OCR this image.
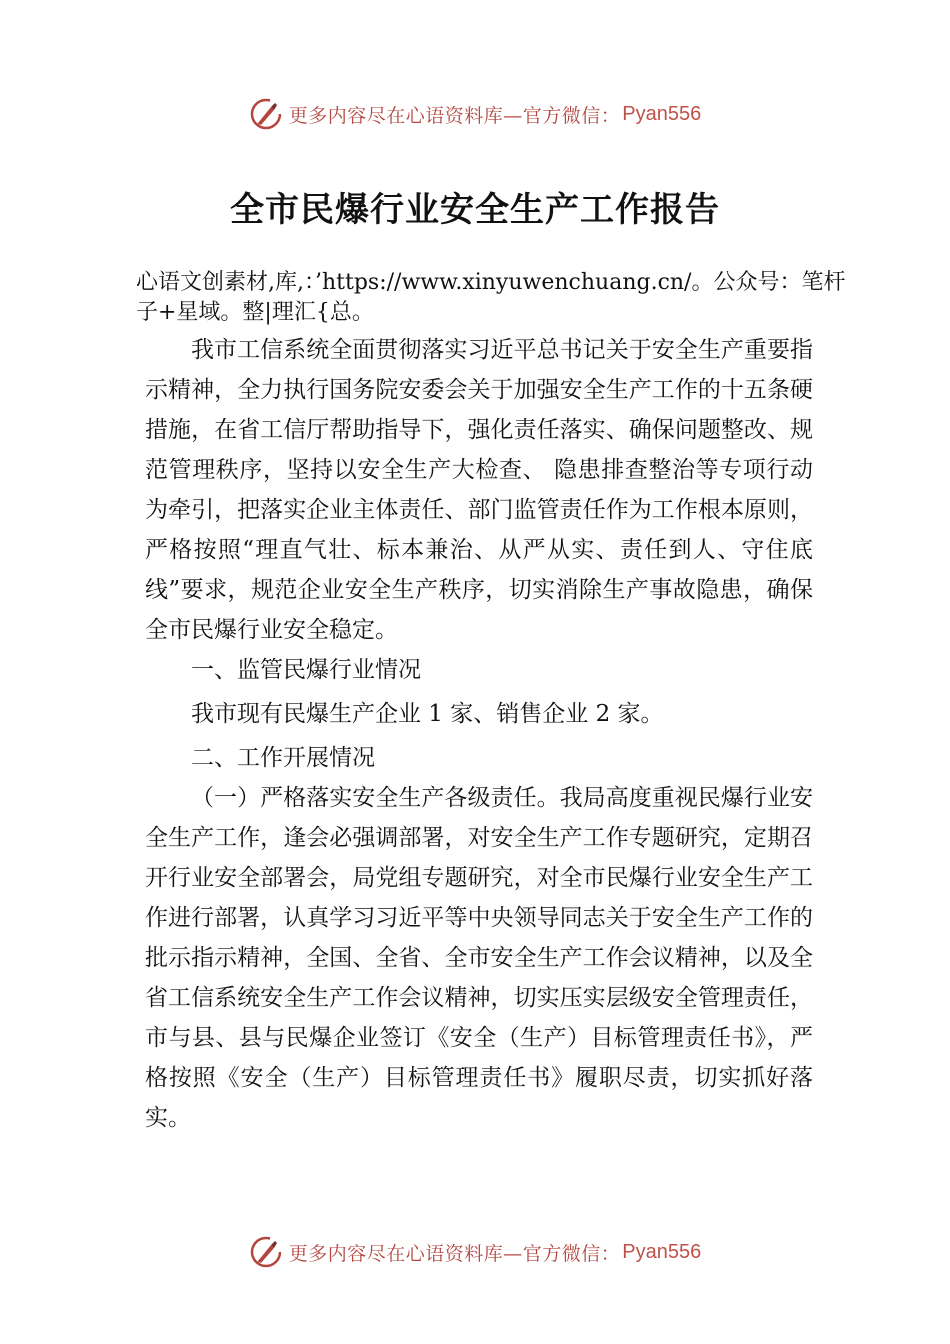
更多内容尽在心语资料库—官方微信： Pyan556
全市民爆行业安全生产工作报告
心语文创素材,库,：’https://www.xinyuwenchuang.cn/。公众号：笔杆子+星域。整|理汇{总。

我市工信系统全面贯彻落实习近平总书记关于安全生产重要指示精神，全力执行国务院安委会关于加强安全生产工作的十五条硬措施，在省工信厅帮助指导下，强化责任落实、确保问题整改、规范管理秩序，坚持以安全生产大检查、 隐患排查整治等专项行动为牵引，把落实企业主体责任、部门监管责任作为工作根本原则，严格按照“理直气壮、标本兼治、从严从实、责任到人、守住底线”要求，规范企业安全生产秩序，切实消除生产事故隐患，确保全市民爆行业安全稳定。

一、监管民爆行业情况

我市现有民爆生产企业 1 家、销售企业 2 家。

二、工作开展情况

（一）严格落实安全生产各级责任。我局高度重视民爆行业安全生产工作，逢会必强调部署，对安全生产工作专题研究，定期召开行业安全部署会，局党组专题研究，对全市民爆行业安全生产工作进行部署，认真学习习近平等中央领导同志关于安全生产工作的批示指示精神，全国、全省、全市安全生产工作会议精神，以及全省工信系统安全生产工作会议精神，切实压实层级安全管理责任，市与县、县与民爆企业签订《安全（生产）目标管理责任书》，严格按照《安全（生产）目标管理责任书》履职尽责，切实抓好落实。

更多内容尽在心语资料库—官方微信： Pyan556
